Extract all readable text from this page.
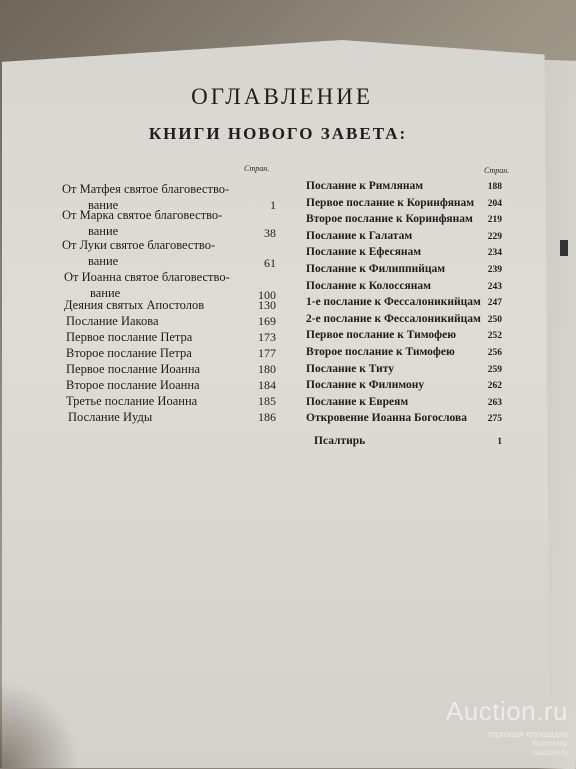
ОГЛАВЛЕНИЕ
КНИГИ НОВОГО ЗАВЕТА:
Стран.	Стран.
От Матфея святое благовество-
вание	1
От Марка святое благовество-
вание	38
От Луки святое благовество-
вание	61
От Иоанна святое благовество-
вание	100
Деяния святых Апостолов	130
Послание Иакова	169
Первое послание Петра	173
Второе послание Петра	177
Первое послание Иоанна	180
Второе послание Иоанна	184
Третье послание Иоанна	185
Послание Иуды	186
Послание к Римлянам	188
Первое послание к Коринфянам	204
Второе послание к Коринфянам	219
Послание к Галатам	229
Послание к Ефесянам	234
Послание к Филиппийцам	239
Послание к Колоссянам	243
1-е послание к Фессалоникийцам 247
2-е послание к Фессалоникийцам 250
Первое послание к Тимофею	252
Второе послание к Тимофею	256
Послание к Титу	259
Послание к Филимону	262
Послание к Евреям	263
Откровение Иоанна Богослова	275
Псалтирь	1
Auction.ru
торговая площадка
Волонтер
auction.ru
